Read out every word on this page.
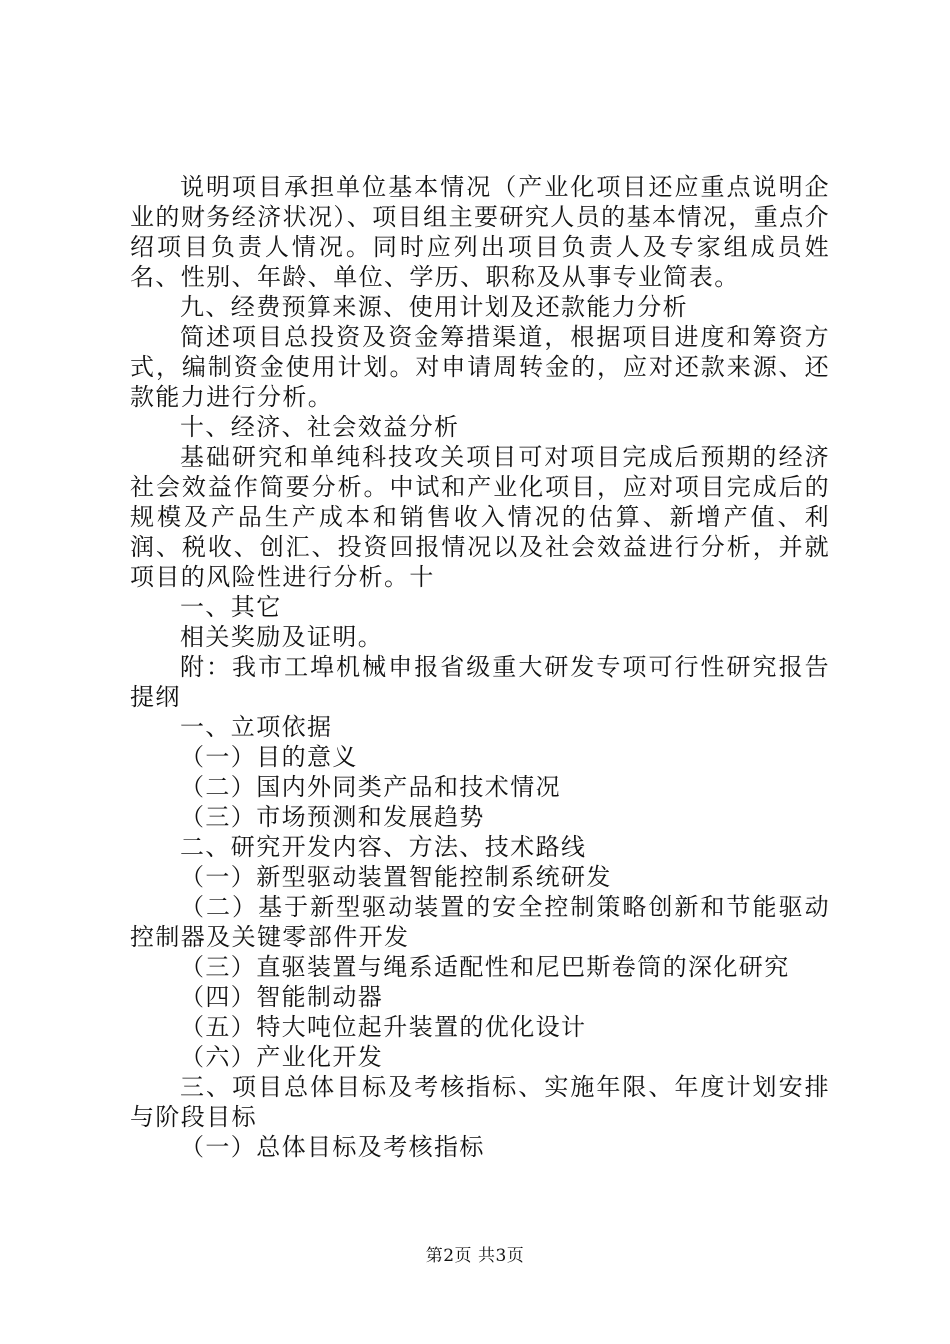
说明项目承担单位基本情况（产业化项目还应重点说明企业的财务经济状况）、项目组主要研究人员的基本情况，重点介绍项目负责人情况。同时应列出项目负责人及专家组成员姓名、性别、年龄、单位、学历、职称及从事专业简表。

九、经费预算来源、使用计划及还款能力分析

简述项目总投资及资金筹措渠道，根据项目进度和筹资方式，编制资金使用计划。对申请周转金的，应对还款来源、还款能力进行分析。

十、经济、社会效益分析

基础研究和单纯科技攻关项目可对项目完成后预期的经济社会效益作简要分析。中试和产业化项目，应对项目完成后的规模及产品生产成本和销售收入情况的估算、新增产值、利润、税收、创汇、投资回报情况以及社会效益进行分析，并就项目的风险性进行分析。十

一、其它

相关奖励及证明。

附：我市工埠机械申报省级重大研发专项可行性研究报告提纲

一、立项依据

（一）目的意义

（二）国内外同类产品和技术情况

（三）市场预测和发展趋势

二、研究开发内容、方法、技术路线

（一）新型驱动装置智能控制系统研发

（二）基于新型驱动装置的安全控制策略创新和节能驱动控制器及关键零部件开发

（三）直驱装置与绳系适配性和尼巴斯卷筒的深化研究

（四）智能制动器

（五）特大吨位起升装置的优化设计

（六）产业化开发

三、项目总体目标及考核指标、实施年限、年度计划安排与阶段目标

（一）总体目标及考核指标

第2页 共3页
